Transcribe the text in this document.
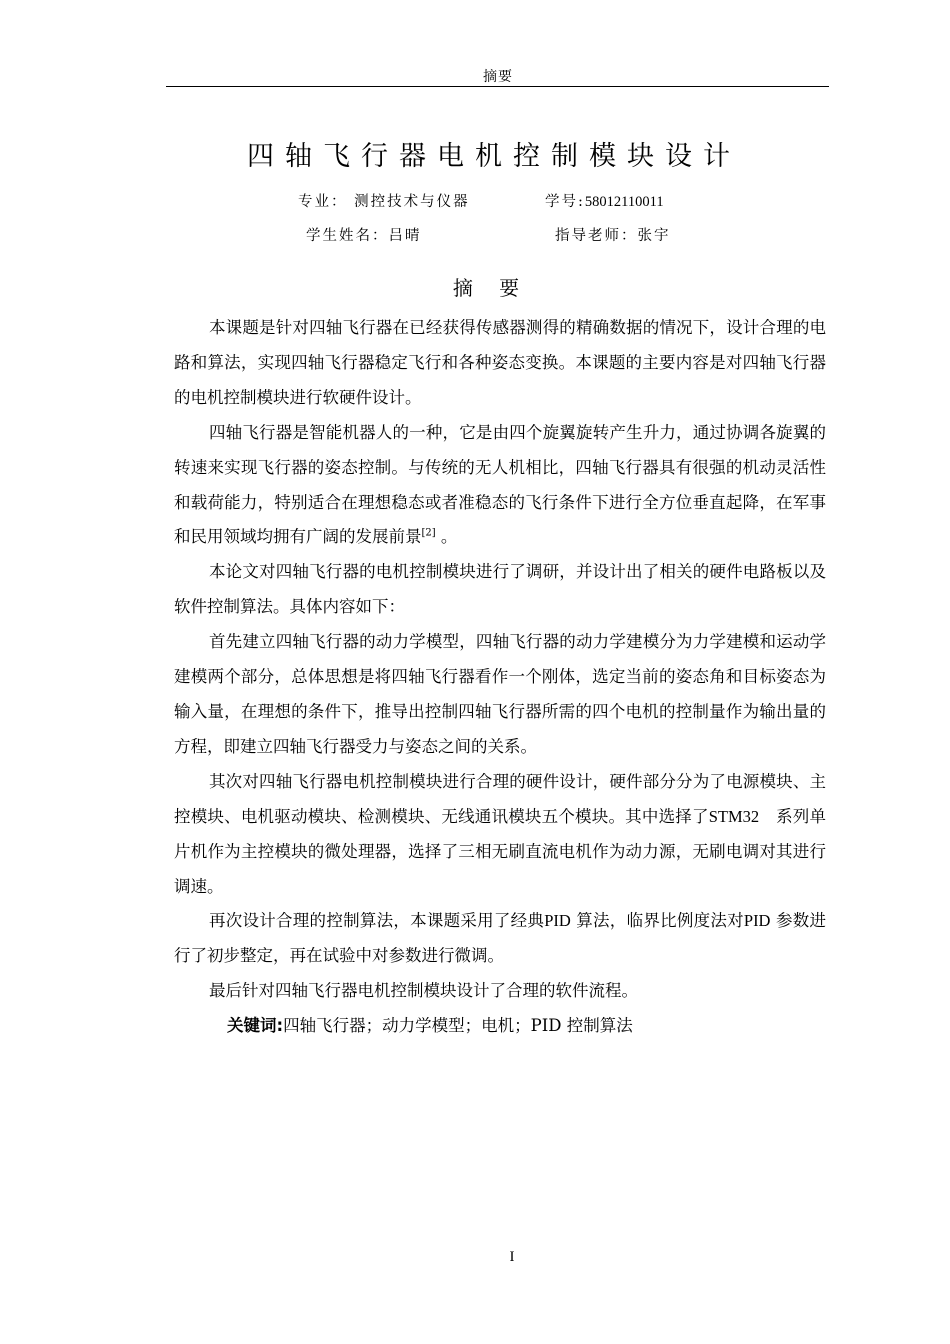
摘要
四轴飞行器电机控制模块设计
专业： 测控技术与仪器	学号:58012110011
学生姓名：吕晴	指导老师：张宇
摘 要

本课题是针对四轴飞行器在已经获得传感器测得的精确数据的情况下，设计合理的电路和算法，实现四轴飞行器稳定飞行和各种姿态变换。本课题的主要内容是对四轴飞行器的电机控制模块进行软硬件设计。

四轴飞行器是智能机器人的一种，它是由四个旋翼旋转产生升力，通过协调各旋翼的转速来实现飞行器的姿态控制。与传统的无人机相比，四轴飞行器具有很强的机动灵活性和载荷能力，特别适合在理想稳态或者准稳态的飞行条件下进行全方位垂直起降，在军事和民用领域均拥有广阔的发展前景[2] 。

本论文对四轴飞行器的电机控制模块进行了调研，并设计出了相关的硬件电路板以及软件控制算法。具体内容如下：

首先建立四轴飞行器的动力学模型，四轴飞行器的动力学建模分为力学建模和运动学建模两个部分，总体思想是将四轴飞行器看作一个刚体，选定当前的姿态角和目标姿态为输入量，在理想的条件下，推导出控制四轴飞行器所需的四个电机的控制量作为输出量的方程，即建立四轴飞行器受力与姿态之间的关系。

其次对四轴飞行器电机控制模块进行合理的硬件设计，硬件部分分为了电源模块、主控模块、电机驱动模块、检测模块、无线通讯模块五个模块。其中选择了STM32　系列单片机作为主控模块的微处理器，选择了三相无刷直流电机作为动力源，无刷电调对其进行调速。

再次设计合理的控制算法，本课题采用了经典PID 算法，临界比例度法对PID 参数进行了初步整定，再在试验中对参数进行微调。

最后针对四轴飞行器电机控制模块设计了合理的软件流程。

关键词:四轴飞行器；动力学模型；电机；PID 控制算法

I
